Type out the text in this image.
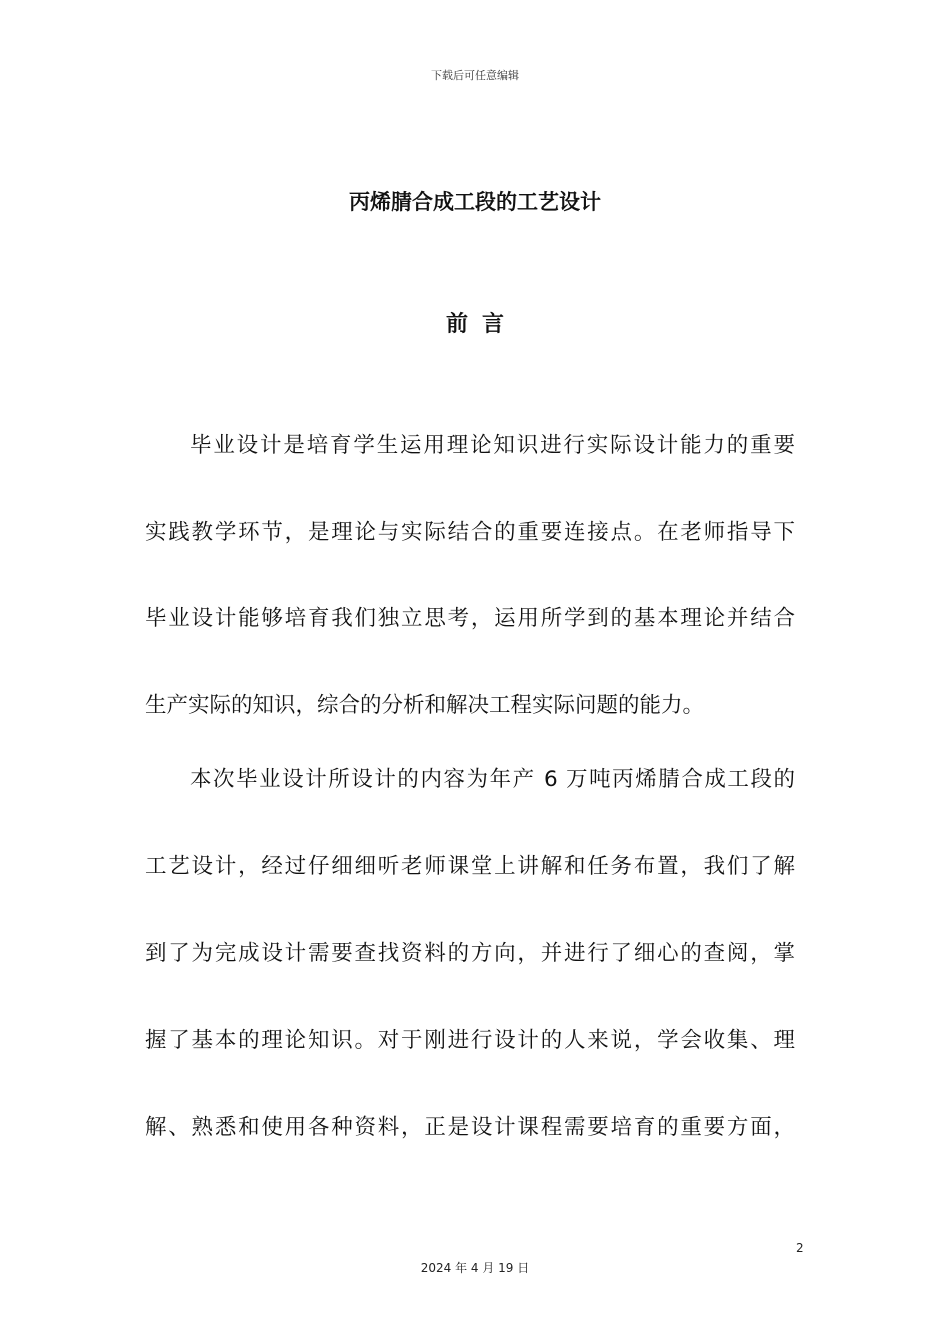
下载后可任意编辑
丙烯腈合成工段的工艺设计
前言

毕业设计是培育学生运用理论知识进行实际设计能力的重要

实践教学环节，是理论与实际结合的重要连接点。在老师指导下

毕业设计能够培育我们独立思考，运用所学到的基本理论并结合

生产实际的知识，综合的分析和解决工程实际问题的能力。

本次毕业设计所设计的内容为年产 6 万吨丙烯腈合成工段的

工艺设计，经过仔细细听老师课堂上讲解和任务布置，我们了解

到了为完成设计需要查找资料的方向，并进行了细心的查阅，掌

握了基本的理论知识。对于刚进行设计的人来说，学会收集、理

解、熟悉和使用各种资料，正是设计课程需要培育的重要方面，

2
2024 年 4 月 19 日
